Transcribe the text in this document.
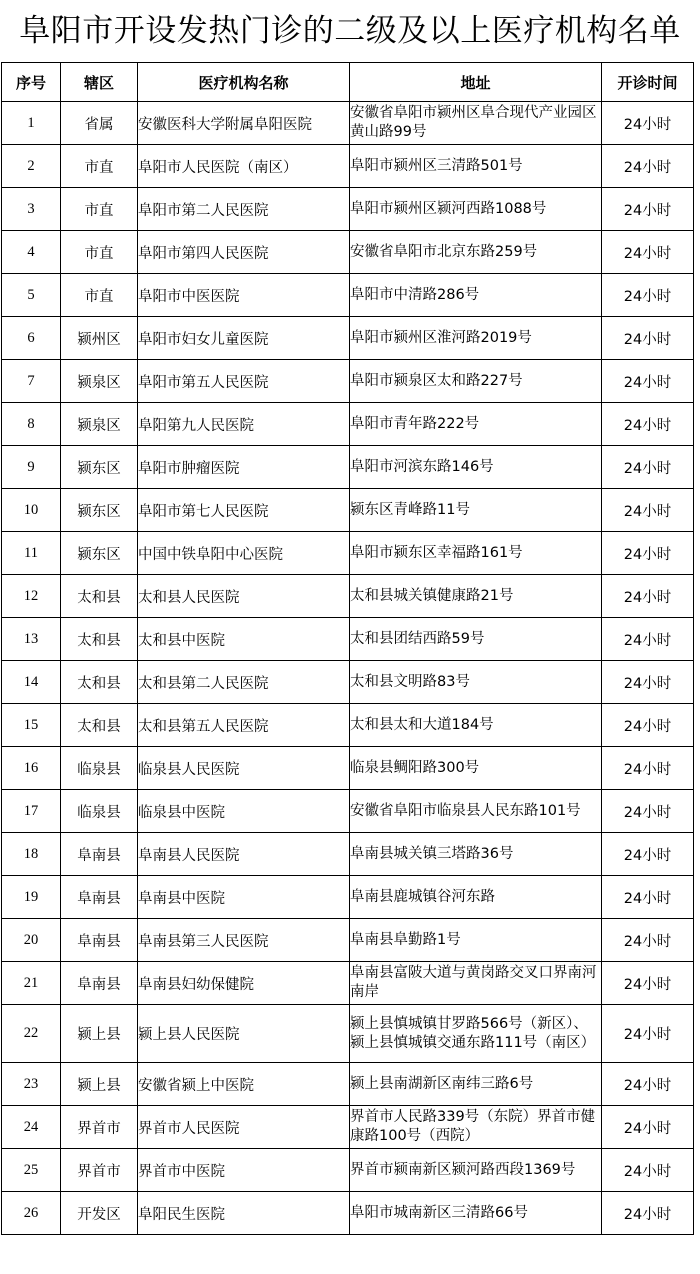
阜阳市开设发热门诊的二级及以上医疗机构名单
序号	辖区	医疗机构名称	地址	开诊时间
1	省属	安徽医科大学附属阜阳医院	安徽省阜阳市颍州区阜合现代产业园区黄山路99号	24小时
2	市直	阜阳市人民医院（南区）	阜阳市颍州区三清路501号	24小时
3	市直	阜阳市第二人民医院	阜阳市颍州区颍河西路1088号	24小时
4	市直	阜阳市第四人民医院	安徽省阜阳市北京东路259号	24小时
5	市直	阜阳市中医医院	阜阳市中清路286号	24小时
6	颍州区	阜阳市妇女儿童医院	阜阳市颍州区淮河路2019号	24小时
7	颍泉区	阜阳市第五人民医院	阜阳市颍泉区太和路227号	24小时
8	颍泉区	阜阳第九人民医院	阜阳市青年路222号	24小时
9	颍东区	阜阳市肿瘤医院	阜阳市河滨东路146号	24小时
10	颍东区	阜阳市第七人民医院	颍东区青峰路11号	24小时
11	颍东区	中国中铁阜阳中心医院	阜阳市颍东区幸福路161号	24小时
12	太和县	太和县人民医院	太和县城关镇健康路21号	24小时
13	太和县	太和县中医院	太和县团结西路59号	24小时
14	太和县	太和县第二人民医院	太和县文明路83号	24小时
15	太和县	太和县第五人民医院	太和县太和大道184号	24小时
16	临泉县	临泉县人民医院	临泉县鲷阳路300号	24小时
17	临泉县	临泉县中医院	安徽省阜阳市临泉县人民东路101号	24小时
18	阜南县	阜南县人民医院	阜南县城关镇三塔路36号	24小时
19	阜南县	阜南县中医院	阜南县鹿城镇谷河东路	24小时
20	阜南县	阜南县第三人民医院	阜南县阜勤路1号	24小时
21	阜南县	阜南县妇幼保健院	阜南县富陂大道与黄岗路交叉口界南河南岸	24小时
22	颍上县	颍上县人民医院	颍上县慎城镇甘罗路566号（新区）、颍上县慎城镇交通东路111号（南区）	24小时
23	颍上县	安徽省颍上中医院	颍上县南湖新区南纬三路6号	24小时
24	界首市	界首市人民医院	界首市人民路339号（东院）界首市健康路100号（西院）	24小时
25	界首市	界首市中医院	界首市颍南新区颍河路西段1369号	24小时
26	开发区	阜阳民生医院	阜阳市城南新区三清路66号	24小时
